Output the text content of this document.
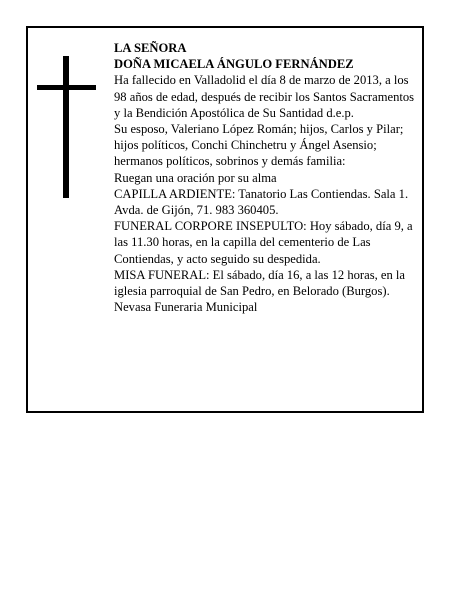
LA SEÑORA

DOÑA MICAELA ÁNGULO FERNÁNDEZ

Ha fallecido en Valladolid el día 8 de marzo de 2013, a los 98 años de edad, después de recibir los Santos Sacramentos y la Bendición Apostólica de Su Santidad d.e.p.

Su esposo, Valeriano López Román; hijos, Carlos y Pilar; hijos políticos, Conchi Chinchetru y Ángel Asensio; hermanos políticos, sobrinos y demás familia:

Ruegan una oración por su alma

CAPILLA ARDIENTE: Tanatorio Las Contiendas. Sala 1. Avda. de Gijón, 71. 983 360405.

FUNERAL CORPORE INSEPULTO: Hoy sábado, día 9, a las 11.30 horas, en la capilla del cementerio de Las Contiendas, y acto seguido su despedida.

MISA FUNERAL: El sábado, día 16, a las 12 horas, en la iglesia parroquial de San Pedro, en Belorado (Burgos).

Nevasa Funeraria Municipal
